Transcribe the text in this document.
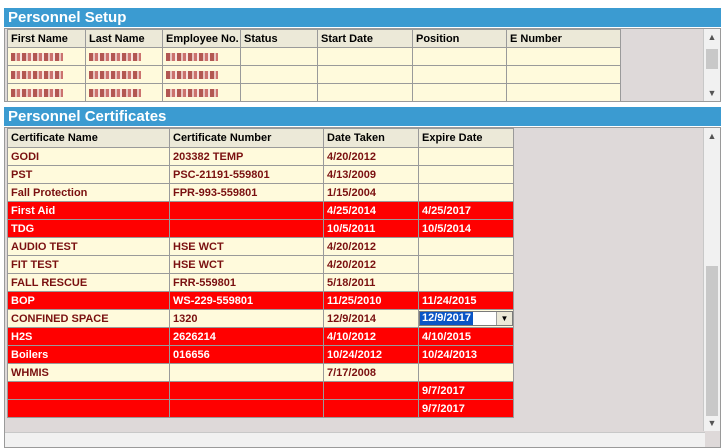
Personnel Setup
First Name	Last Name	Employee No.	Status	Start Date	Position	E Number

							▲
▼
Personnel Certificates
Certificate Name	Certificate Number	Date Taken	Expire Date
GODI	203382 TEMP	4/20/2012	
PST	PSC-21191-559801	4/13/2009	
Fall Protection	FPR-993-559801	1/15/2004	
First Aid		4/25/2014	4/25/2017
TDG		10/5/2011	10/5/2014
AUDIO TEST	HSE WCT	4/20/2012	
FIT TEST	HSE WCT	4/20/2012	
FALL RESCUE	FRR-559801	5/18/2011	
BOP	WS-229-559801	11/25/2010	11/24/2015
CONFINED SPACE	1320	12/9/2014	12/9/2017 ▼

H2S	2626214	4/10/2012	4/10/2015
Boilers	016656	10/24/2012	10/24/2013
WHMIS		7/17/2008	
			9/7/2017
			9/7/2017
▲
▼
